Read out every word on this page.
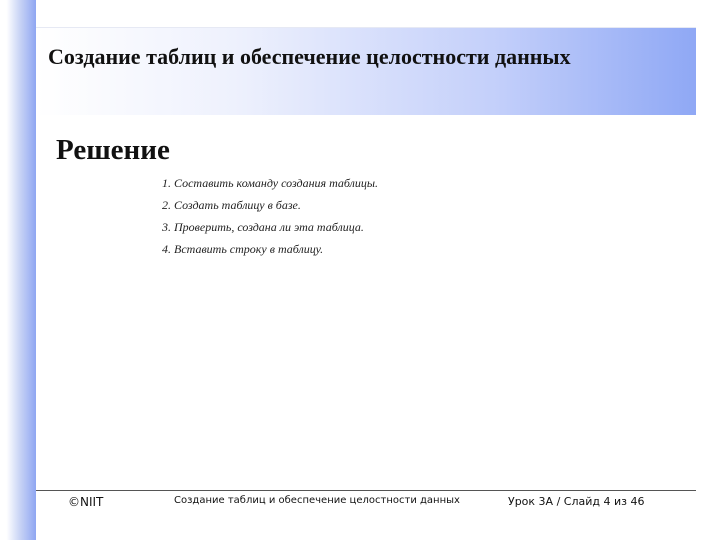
Создание таблиц и обеспечение целостности данных
Решение
1. Составить команду создания таблицы.
2. Создать таблицу в базе.
3. Проверить, создана ли эта таблица.
4. Вставить строку в таблицу.
©NIIT	Создание таблиц и обеспечение целостности данных	Урок 3А / Слайд 4 из 46
